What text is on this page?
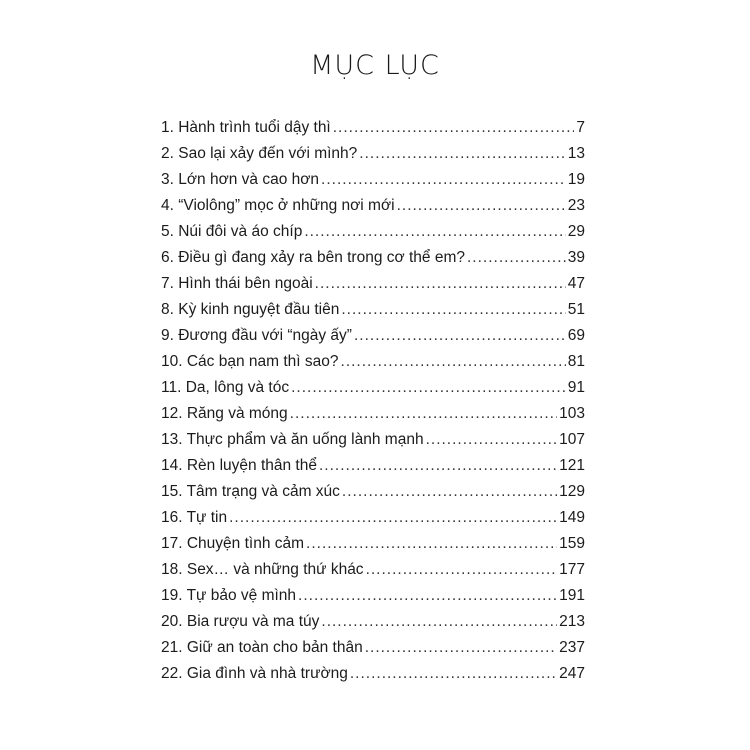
MỤC LỤC
1. Hành trình tuổi dậy thì .....	7
2. Sao lại xảy đến với mình? .....	13
3. Lớn hơn và cao hơn .....	19
4. “Violông” mọc ở những nơi mới .....	23
5. Núi đôi và áo chíp .....	29
6. Điều gì đang xảy ra bên trong cơ thể em? .....	39
7. Hình thái bên ngoài .....	47
8. Kỳ kinh nguyệt đầu tiên .....	51
9. Đương đầu với “ngày ấy” .....	69
10. Các bạn nam thì sao? .....	81
11. Da, lông và tóc .....	91
12. Răng và móng .....	103
13. Thực phẩm và ăn uống lành mạnh .....	107
14. Rèn luyện thân thể .....	121
15. Tâm trạng và cảm xúc .....	129
16. Tự tin .....	149
17. Chuyện tình cảm .....	159
18. Sex… và những thứ khác .....	177
19. Tự bảo vệ mình .....	191
20. Bia rượu và ma túy .....	213
21. Giữ an toàn cho bản thân .....	237
22. Gia đình và nhà trường .....	247
